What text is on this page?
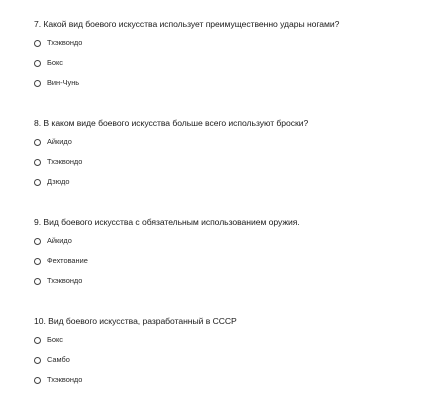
7. Какой вид боевого искусства использует преимущественно удары ногами?
Тхэквондо
Бокс
Вин-Чунь
8. В каком виде боевого искусства больше всего используют броски?
Айкидо
Тхэквондо
Дзюдо
9. Вид боевого искусства с обязательным использованием оружия.
Айкидо
Фехтование
Тхэквондо
10. Вид боевого искусства, разработанный в СССР
Бокс
Самбо
Тхэквондо
